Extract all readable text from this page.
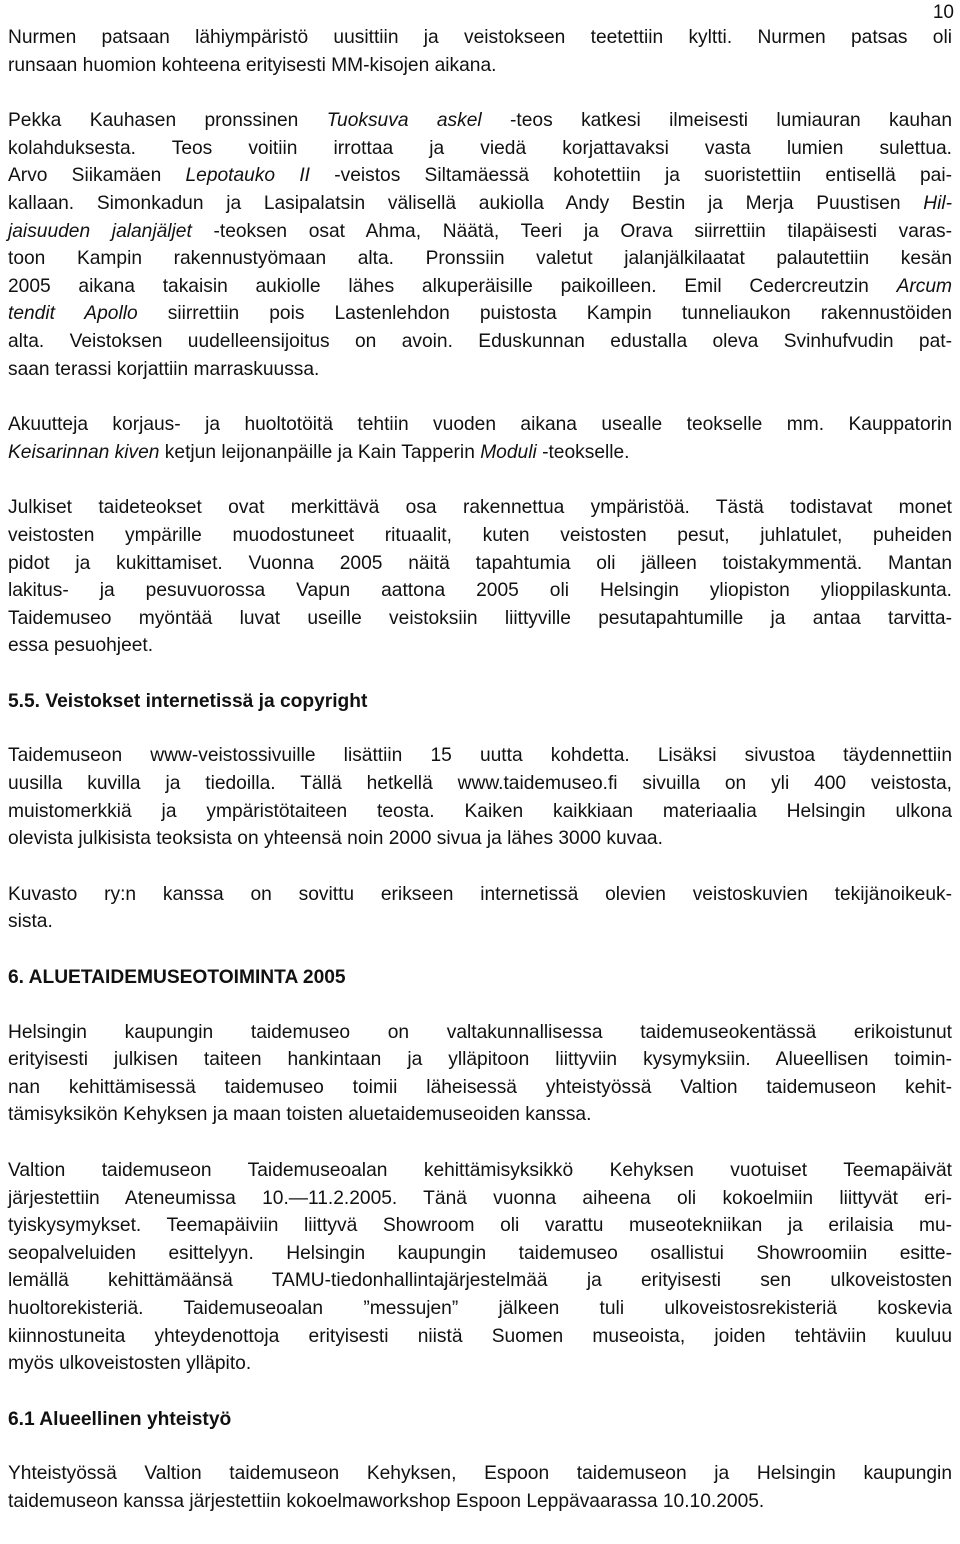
10
Nurmen patsaan lähiympäristö uusittiin ja veistokseen teetettiin kyltti. Nurmen patsas oli
runsaan huomion kohteena erityisesti MM-kisojen aikana.
Pekka Kauhasen pronssinen Tuoksuva askel -teos katkesi ilmeisesti lumiauran kauhan
kolahduksesta. Teos voitiin irrottaa ja viedä korjattavaksi vasta lumien sulettua.
Arvo Siikamäen Lepotauko II -veistos Siltamäessä kohotettiin ja suoristettiin entisellä pai-
kallaan. Simonkadun ja Lasipalatsin välisellä aukiolla Andy Bestin ja Merja Puustisen Hil-
jaisuuden jalanjäljet -teoksen osat Ahma, Näätä, Teeri ja Orava siirrettiin tilapäisesti varas-
toon Kampin rakennustyömaan alta. Pronssiin valetut jalanjälkilaatat palautettiin kesän
2005 aikana takaisin aukiolle lähes alkuperäisille paikoilleen. Emil Cedercreutzin Arcum
tendit Apollo siirrettiin pois Lastenlehdon puistosta Kampin tunneliaukon rakennustöiden
alta. Veistoksen uudelleensijoitus on avoin. Eduskunnan edustalla oleva Svinhufvudin pat-
saan terassi korjattiin marraskuussa.
Akuutteja korjaus- ja huoltotöitä tehtiin vuoden aikana usealle teokselle mm. Kauppatorin
Keisarinnan kiven ketjun leijonanpäille ja Kain Tapperin Moduli -teokselle.
Julkiset taideteokset ovat merkittävä osa rakennettua ympäristöä. Tästä todistavat monet
veistosten ympärille muodostuneet rituaalit, kuten veistosten pesut, juhlatulet, puheiden
pidot ja kukittamiset. Vuonna 2005 näitä tapahtumia oli jälleen toistakymmentä. Mantan
lakitus- ja pesuvuorossa Vapun aattona 2005 oli Helsingin yliopiston ylioppilaskunta.
Taidemuseo myöntää luvat useille veistoksiin liittyville pesutapahtumille ja antaa tarvitta-
essa pesuohjeet.
5.5. Veistokset internetissä ja copyright
Taidemuseon www-veistossivuille lisättiin 15 uutta kohdetta. Lisäksi sivustoa täydennettiin
uusilla kuvilla ja tiedoilla. Tällä hetkellä www.taidemuseo.fi sivuilla on yli 400 veistosta,
muistomerkkiä ja ympäristötaiteen teosta. Kaiken kaikkiaan materiaalia Helsingin ulkona
olevista julkisista teoksista on yhteensä noin 2000 sivua ja lähes 3000 kuvaa.
Kuvasto ry:n kanssa on sovittu erikseen internetissä olevien veistoskuvien tekijänoikeuk-
sista.
6. ALUETAIDEMUSEOTOIMINTA 2005
Helsingin kaupungin taidemuseo on valtakunnallisessa taidemuseokentässä erikoistunut
erityisesti julkisen taiteen hankintaan ja ylläpitoon liittyviin kysymyksiin. Alueellisen toimin-
nan kehittämisessä taidemuseo toimii läheisessä yhteistyössä Valtion taidemuseon kehit-
tämisyksikön Kehyksen ja maan toisten aluetaidemuseoiden kanssa.
Valtion taidemuseon Taidemuseoalan kehittämisyksikkö Kehyksen vuotuiset Teemapäivät
järjestettiin Ateneumissa 10.—11.2.2005. Tänä vuonna aiheena oli kokoelmiin liittyvät eri-
tyiskysymykset. Teemapäiviin liittyvä Showroom oli varattu museotekniikan ja erilaisia mu-
seopalveluiden esittelyyn. Helsingin kaupungin taidemuseo osallistui Showroomiin esitte-
lemällä kehittämäänsä TAMU-tiedonhallintajärjestelmää ja erityisesti sen ulkoveistosten
huoltorekisteriä. Taidemuseoalan ”messujen” jälkeen tuli ulkoveistosrekisteriä koskevia
kiinnostuneita yhteydenottoja erityisesti niistä Suomen museoista, joiden tehtäviin kuuluu
myös ulkoveistosten ylläpito.
6.1 Alueellinen yhteistyö
Yhteistyössä Valtion taidemuseon Kehyksen, Espoon taidemuseon ja Helsingin kaupungin
taidemuseon kanssa järjestettiin kokoelmaworkshop Espoon Leppävaarassa 10.10.2005.
